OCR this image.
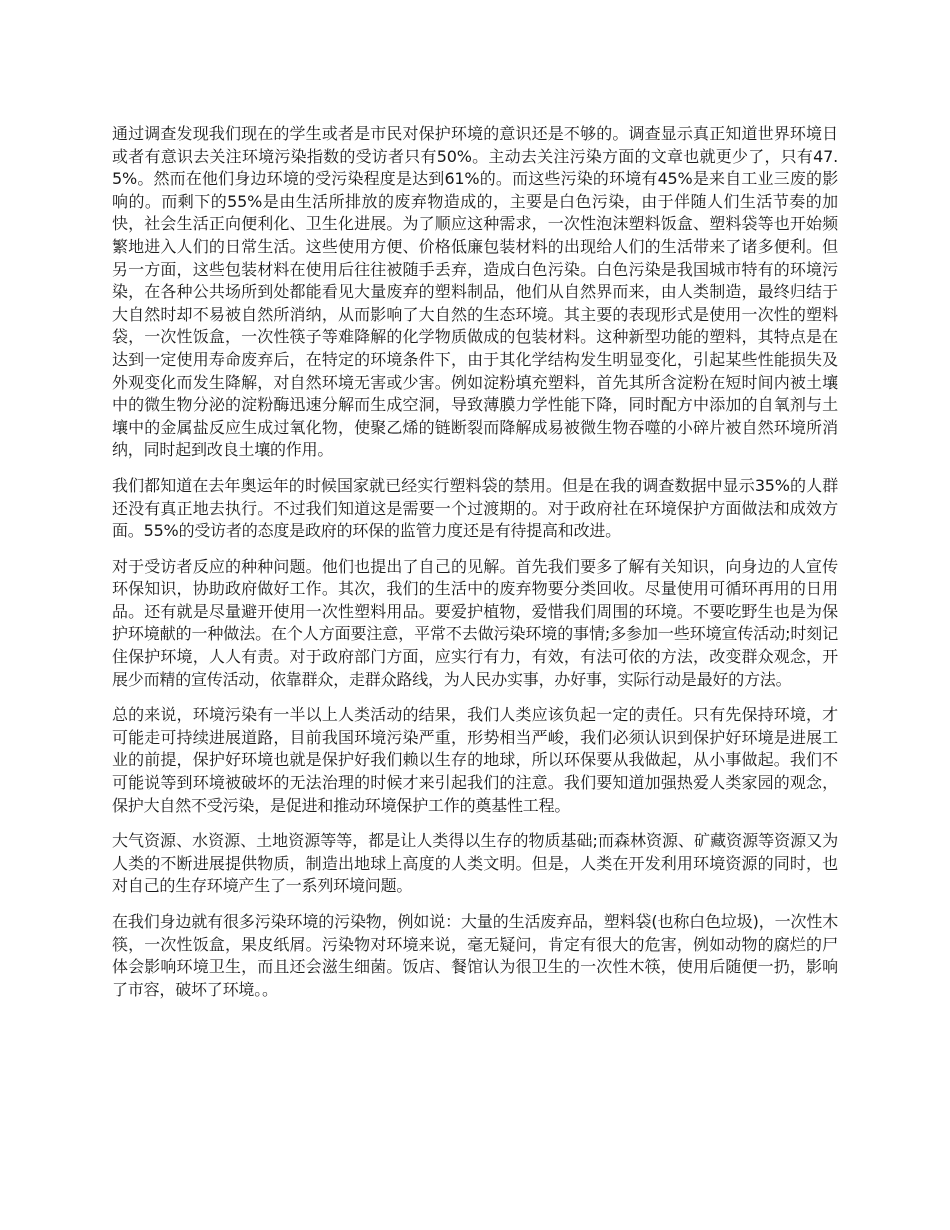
通过调查发现我们现在的学生或者是市民对保护环境的意识还是不够的。调查显示真正知道世界环境日或者有意识去关注环境污染指数的受访者只有50%。主动去关注污染方面的文章也就更少了，只有47.5%。然而在他们身边环境的受污染程度是达到61%的。而这些污染的环境有45%是来自工业三废的影响的。而剩下的55%是由生活所排放的废弃物造成的，主要是白色污染，由于伴随人们生活节奏的加快，社会生活正向便利化、卫生化进展。为了顺应这种需求，一次性泡沫塑料饭盒、塑料袋等也开始频繁地进入人们的日常生活。这些使用方便、价格低廉包装材料的出现给人们的生活带来了诸多便利。但另一方面，这些包装材料在使用后往往被随手丢弃，造成白色污染。白色污染是我国城市特有的环境污染，在各种公共场所到处都能看见大量废弃的塑料制品，他们从自然界而来，由人类制造，最终归结于大自然时却不易被自然所消纳，从而影响了大自然的生态环境。其主要的表现形式是使用一次性的塑料袋，一次性饭盒，一次性筷子等难降解的化学物质做成的包装材料。这种新型功能的塑料，其特点是在达到一定使用寿命废弃后，在特定的环境条件下，由于其化学结构发生明显变化，引起某些性能损失及外观变化而发生降解，对自然环境无害或少害。例如淀粉填充塑料，首先其所含淀粉在短时间内被土壤中的微生物分泌的淀粉酶迅速分解而生成空洞，导致薄膜力学性能下降，同时配方中添加的自氧剂与土壤中的金属盐反应生成过氧化物，使聚乙烯的链断裂而降解成易被微生物吞噬的小碎片被自然环境所消纳，同时起到改良土壤的作用。

我们都知道在去年奥运年的时候国家就已经实行塑料袋的禁用。但是在我的调查数据中显示35%的人群还没有真正地去执行。不过我们知道这是需要一个过渡期的。对于政府社在环境保护方面做法和成效方面。55%的受访者的态度是政府的环保的监管力度还是有待提高和改进。

对于受访者反应的种种问题。他们也提出了自己的见解。首先我们要多了解有关知识，向身边的人宣传环保知识，协助政府做好工作。其次，我们的生活中的废弃物要分类回收。尽量使用可循环再用的日用品。还有就是尽量避开使用一次性塑料用品。要爱护植物，爱惜我们周围的环境。不要吃野生也是为保护环境献的一种做法。在个人方面要注意，平常不去做污染环境的事情;多参加一些环境宣传活动;时刻记住保护环境，人人有责。对于政府部门方面，应实行有力，有效，有法可依的方法，改变群众观念，开展少而精的宣传活动，依靠群众，走群众路线，为人民办实事，办好事，实际行动是最好的方法。

总的来说，环境污染有一半以上人类活动的结果，我们人类应该负起一定的责任。只有先保持环境，才可能走可持续进展道路，目前我国环境污染严重，形势相当严峻，我们必须认识到保护好环境是进展工业的前提，保护好环境也就是保护好我们赖以生存的地球，所以环保要从我做起，从小事做起。我们不可能说等到环境被破坏的无法治理的时候才来引起我们的注意。我们要知道加强热爱人类家园的观念，保护大自然不受污染，是促进和推动环境保护工作的奠基性工程。

大气资源、水资源、土地资源等等，都是让人类得以生存的物质基础;而森林资源、矿藏资源等资源又为人类的不断进展提供物质，制造出地球上高度的人类文明。但是，人类在开发利用环境资源的同时，也对自己的生存环境产生了一系列环境问题。

在我们身边就有很多污染环境的污染物，例如说：大量的生活废弃品，塑料袋(也称白色垃圾)，一次性木筷，一次性饭盒，果皮纸屑。污染物对环境来说，毫无疑问，肯定有很大的危害，例如动物的腐烂的尸体会影响环境卫生，而且还会滋生细菌。饭店、餐馆认为很卫生的一次性木筷，使用后随便一扔，影响了市容，破坏了环境。。
